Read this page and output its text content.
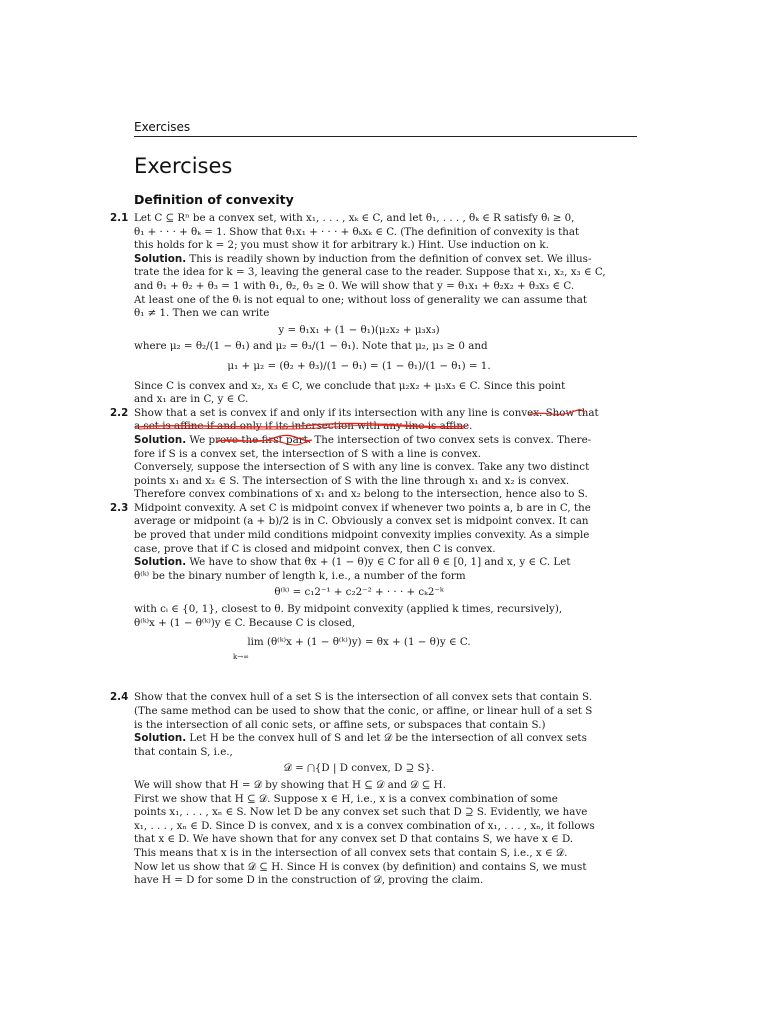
Exercises
Exercises
Definition of convexity
2.1 Let C ⊆ Rⁿ be a convex set, with x₁, . . . , xₖ ∈ C, and let θ₁, . . . , θₖ ∈ R satisfy θᵢ ≥ 0,
θ₁ + · · · + θₖ = 1. Show that θ₁x₁ + · · · + θₖxₖ ∈ C. (The definition of convexity is that
this holds for k = 2; you must show it for arbitrary k.) Hint. Use induction on k.
Solution. This is readily shown by induction from the definition of convex set. We illus-
trate the idea for k = 3, leaving the general case to the reader. Suppose that x₁, x₂, x₃ ∈ C,
and θ₁ + θ₂ + θ₃ = 1 with θ₁, θ₂, θ₃ ≥ 0. We will show that y = θ₁x₁ + θ₂x₂ + θ₃x₃ ∈ C.
At least one of the θᵢ is not equal to one; without loss of generality we can assume that
θ₁ ≠ 1. Then we can write
y = θ₁x₁ + (1 − θ₁)(μ₂x₂ + μ₃x₃)
where μ₂ = θ₂/(1 − θ₁) and μ₂ = θ₃/(1 − θ₁). Note that μ₂, μ₃ ≥ 0 and
μ₁ + μ₂ = (θ₂ + θ₃)/(1 − θ₁) = (1 − θ₁)/(1 − θ₁) = 1.
Since C is convex and x₂, x₃ ∈ C, we conclude that μ₂x₂ + μ₃x₃ ∈ C. Since this point
and x₁ are in C, y ∈ C.
2.2 Show that a set is convex if and only if its intersection with any line is convex. Show that
a set is affine if and only if its intersection with any line is affine.
Solution. We prove the first part. The intersection of two convex sets is convex. There-
fore if S is a convex set, the intersection of S with a line is convex.
Conversely, suppose the intersection of S with any line is convex. Take any two distinct
points x₁ and x₂ ∈ S. The intersection of S with the line through x₁ and x₂ is convex.
Therefore convex combinations of x₁ and x₂ belong to the intersection, hence also to S.
2.3 Midpoint convexity. A set C is midpoint convex if whenever two points a, b are in C, the
average or midpoint (a + b)/2 is in C. Obviously a convex set is midpoint convex. It can
be proved that under mild conditions midpoint convexity implies convexity. As a simple
case, prove that if C is closed and midpoint convex, then C is convex.
Solution. We have to show that θx + (1 − θ)y ∈ C for all θ ∈ [0, 1] and x, y ∈ C. Let
θ⁽ᵏ⁾ be the binary number of length k, i.e., a number of the form
θ⁽ᵏ⁾ = c₁2⁻¹ + c₂2⁻² + · · · + cₖ2⁻ᵏ
with cᵢ ∈ {0, 1}, closest to θ. By midpoint convexity (applied k times, recursively),
θ⁽ᵏ⁾x + (1 − θ⁽ᵏ⁾)y ∈ C. Because C is closed,
lim (θ⁽ᵏ⁾x + (1 − θ⁽ᵏ⁾)y) = θx + (1 − θ)y ∈ C.
k→∞
2.4 Show that the convex hull of a set S is the intersection of all convex sets that contain S.
(The same method can be used to show that the conic, or affine, or linear hull of a set S
is the intersection of all conic sets, or affine sets, or subspaces that contain S.)
Solution. Let H be the convex hull of S and let 𝒟 be the intersection of all convex sets
that contain S, i.e.,
𝒟 = ⋂{D | D convex, D ⊇ S}.
We will show that H = 𝒟 by showing that H ⊆ 𝒟 and 𝒟 ⊆ H.
First we show that H ⊆ 𝒟. Suppose x ∈ H, i.e., x is a convex combination of some
points x₁, . . . , xₙ ∈ S. Now let D be any convex set such that D ⊇ S. Evidently, we have
x₁, . . . , xₙ ∈ D. Since D is convex, and x is a convex combination of x₁, . . . , xₙ, it follows
that x ∈ D. We have shown that for any convex set D that contains S, we have x ∈ D.
This means that x is in the intersection of all convex sets that contain S, i.e., x ∈ 𝒟.
Now let us show that 𝒟 ⊆ H. Since H is convex (by definition) and contains S, we must
have H = D for some D in the construction of 𝒟, proving the claim.
